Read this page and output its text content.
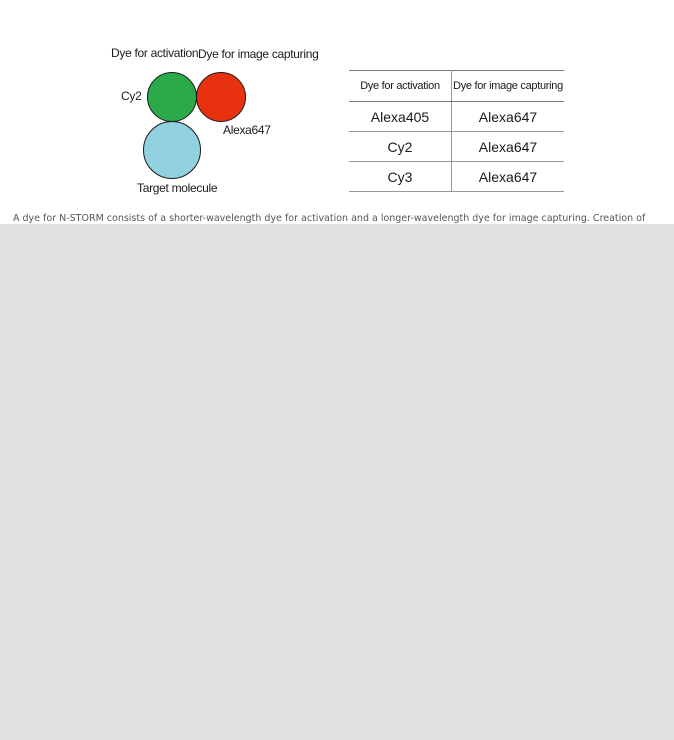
Dye for activation Dye for image capturing
Cy2
Alexa647
Target molecule
Dye for activation	Dye for image capturing
Alexa405	Alexa647
Cy2	Alexa647
Cy3	Alexa647
A dye for N-STORM consists of a shorter-wavelength dye for activation and a longer-wavelength dye for image capturing. Creation of
